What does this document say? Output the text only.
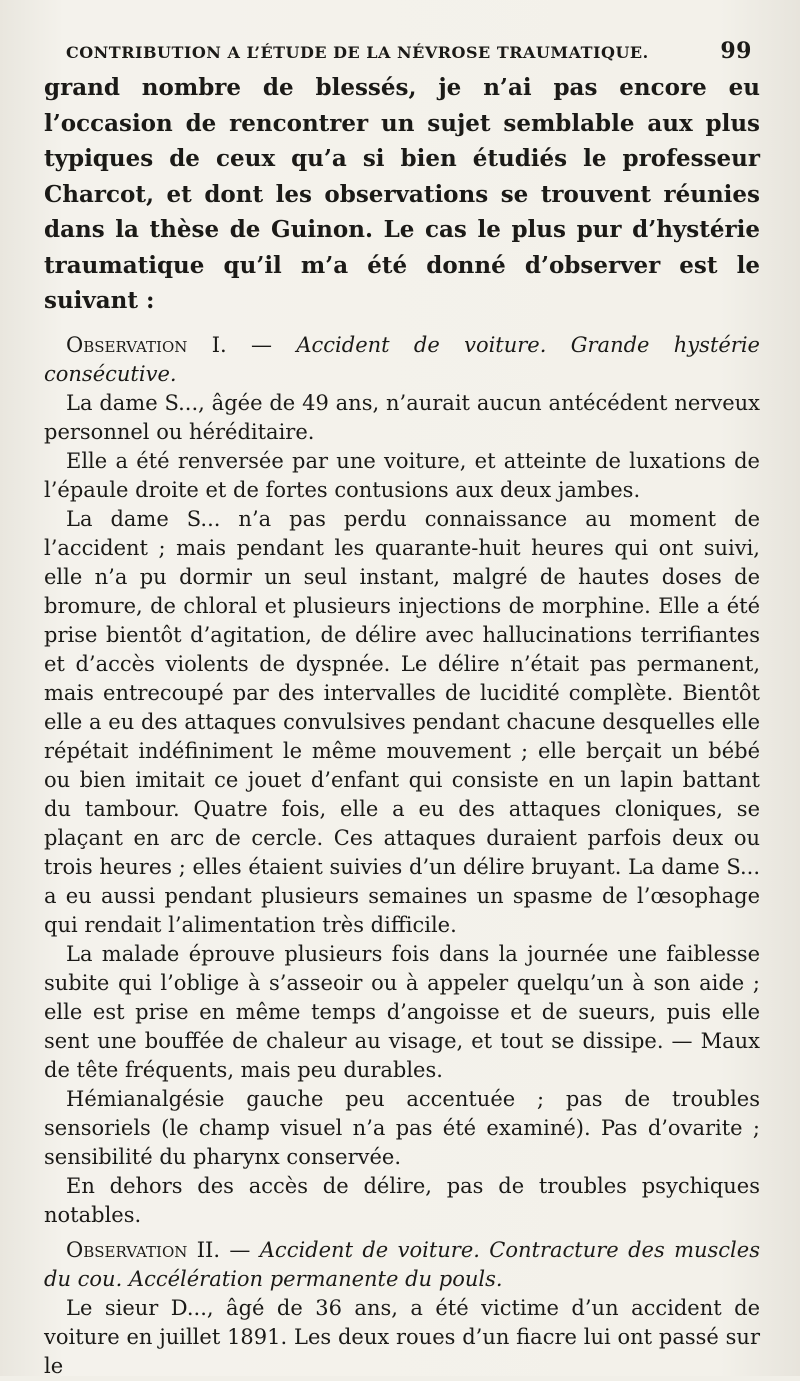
CONTRIBUTION A L’ÉTUDE DE LA NÉVROSE TRAUMATIQUE.	99

grand nombre de blessés, je n’ai pas encore eu l’occasion de rencontrer un sujet semblable aux plus typiques de ceux qu’a si bien étudiés le professeur Charcot, et dont les observations se trouvent réunies dans la thèse de Guinon. Le cas le plus pur d’hystérie traumatique qu’il m’a été donné d’observer est le suivant :

Observation I. — Accident de voiture. Grande hystérie consécutive.

La dame S..., âgée de 49 ans, n’aurait aucun antécédent nerveux personnel ou héréditaire.

Elle a été renversée par une voiture, et atteinte de luxations de l’épaule droite et de fortes contusions aux deux jambes.

La dame S... n’a pas perdu connaissance au moment de l’accident ; mais pendant les quarante-huit heures qui ont suivi, elle n’a pu dormir un seul instant, malgré de hautes doses de bromure, de chloral et plusieurs injections de morphine. Elle a été prise bientôt d’agitation, de délire avec hallucinations terrifiantes et d’accès violents de dyspnée. Le délire n’était pas permanent, mais entrecoupé par des intervalles de lucidité complète. Bientôt elle a eu des attaques convulsives pendant chacune desquelles elle répétait indéfiniment le même mouvement ; elle berçait un bébé ou bien imitait ce jouet d’enfant qui consiste en un lapin battant du tambour. Quatre fois, elle a eu des attaques cloniques, se plaçant en arc de cercle. Ces attaques duraient parfois deux ou trois heures ; elles étaient suivies d’un délire bruyant. La dame S... a eu aussi pendant plusieurs semaines un spasme de l’œsophage qui rendait l’alimentation très difficile.

La malade éprouve plusieurs fois dans la journée une faiblesse subite qui l’oblige à s’asseoir ou à appeler quelqu’un à son aide ; elle est prise en même temps d’angoisse et de sueurs, puis elle sent une bouffée de chaleur au visage, et tout se dissipe. — Maux de tête fréquents, mais peu durables.

Hémianalgésie gauche peu accentuée ; pas de troubles sensoriels (le champ visuel n’a pas été examiné). Pas d’ovarite ; sensibilité du pharynx conservée.

En dehors des accès de délire, pas de troubles psychiques notables.

Observation II. — Accident de voiture. Contracture des muscles du cou. Accélération permanente du pouls.

Le sieur D..., âgé de 36 ans, a été victime d’un accident de voiture en juillet 1891. Les deux roues d’un fiacre lui ont passé sur le
